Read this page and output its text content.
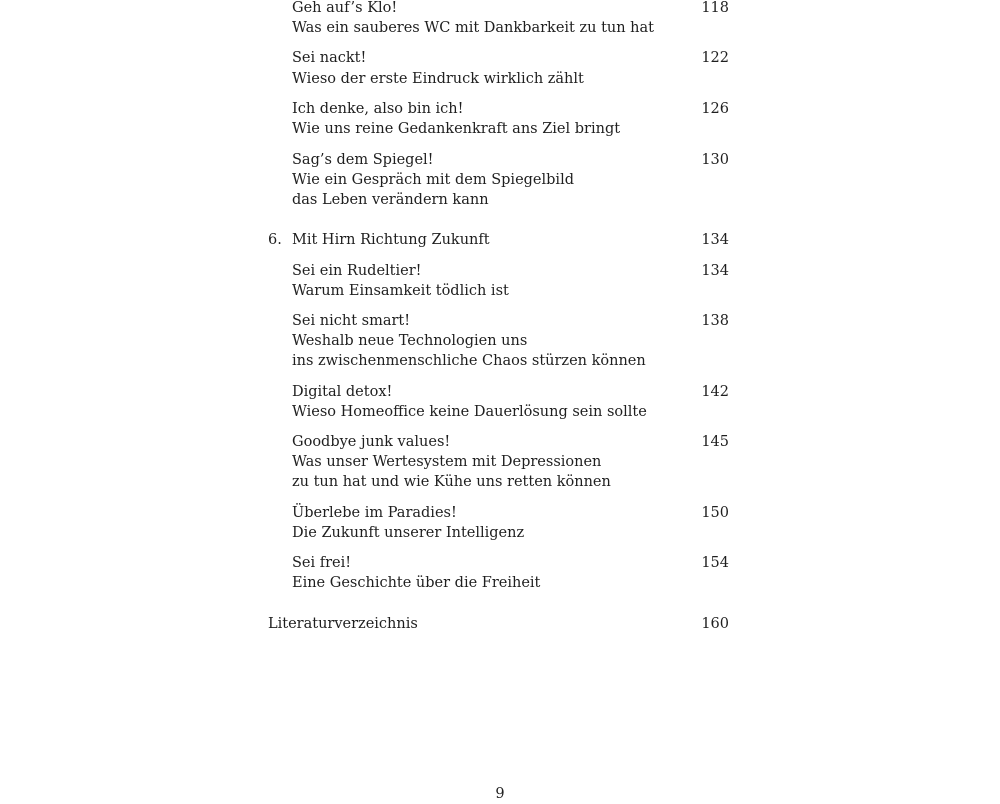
Geh auf’s Klo!	118
Was ein sauberes WC mit Dankbarkeit zu tun hat
Sei nackt!	122
Wieso der erste Eindruck wirklich zählt
Ich denke, also bin ich!	126
Wie uns reine Gedankenkraft ans Ziel bringt
Sag’s dem Spiegel!	130
Wie ein Gespräch mit dem Spiegelbild
das Leben verändern kann
6. Mit Hirn Richtung Zukunft	134
Sei ein Rudeltier!	134
Warum Einsamkeit tödlich ist
Sei nicht smart!	138
Weshalb neue Technologien uns
ins zwischenmenschliche Chaos stürzen können
Digital detox!	142
Wieso Homeoffice keine Dauerlösung sein sollte
Goodbye junk values!	145
Was unser Wertesystem mit Depressionen
zu tun hat und wie Kühe uns retten können
Überlebe im Paradies!	150
Die Zukunft unserer Intelligenz
Sei frei!	154
Eine Geschichte über die Freiheit
Literaturverzeichnis	160
9
